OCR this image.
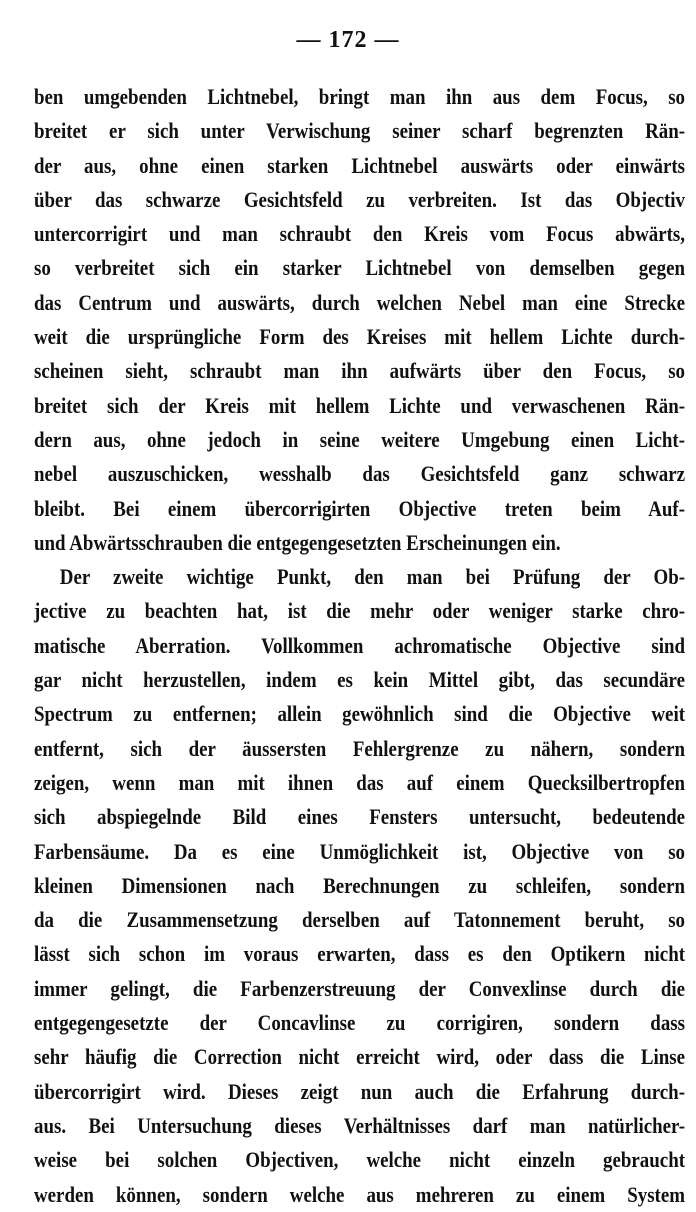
— 172 —
ben umgebenden Lichtnebel, bringt man ihn aus dem Focus, so
breitet er sich unter Verwischung seiner scharf begrenzten Rän-
der aus, ohne einen starken Lichtnebel auswärts oder einwärts
über das schwarze Gesichtsfeld zu verbreiten. Ist das Objectiv
untercorrigirt und man schraubt den Kreis vom Focus abwärts,
so verbreitet sich ein starker Lichtnebel von demselben gegen
das Centrum und auswärts, durch welchen Nebel man eine Strecke
weit die ursprüngliche Form des Kreises mit hellem Lichte durch-
scheinen sieht, schraubt man ihn aufwärts über den Focus, so
breitet sich der Kreis mit hellem Lichte und verwaschenen Rän-
dern aus, ohne jedoch in seine weitere Umgebung einen Licht-
nebel auszuschicken, wesshalb das Gesichtsfeld ganz schwarz
bleibt. Bei einem übercorrigirten Objective treten beim Auf-
und Abwärtsschrauben die entgegengesetzten Erscheinungen ein.
Der zweite wichtige Punkt, den man bei Prüfung der Ob-
jective zu beachten hat, ist die mehr oder weniger starke chro-
matische Aberration. Vollkommen achromatische Objective sind
gar nicht herzustellen, indem es kein Mittel gibt, das secundäre
Spectrum zu entfernen; allein gewöhnlich sind die Objective weit
entfernt, sich der äussersten Fehlergrenze zu nähern, sondern
zeigen, wenn man mit ihnen das auf einem Quecksilbertropfen
sich abspiegelnde Bild eines Fensters untersucht, bedeutende
Farbensäume. Da es eine Unmöglichkeit ist, Objective von so
kleinen Dimensionen nach Berechnungen zu schleifen, sondern
da die Zusammensetzung derselben auf Tatonnement beruht, so
lässt sich schon im voraus erwarten, dass es den Optikern nicht
immer gelingt, die Farbenzerstreuung der Convexlinse durch die
entgegengesetzte der Concavlinse zu corrigiren, sondern dass
sehr häufig die Correction nicht erreicht wird, oder dass die Linse
übercorrigirt wird. Dieses zeigt nun auch die Erfahrung durch-
aus. Bei Untersuchung dieses Verhältnisses darf man natürlicher-
weise bei solchen Objectiven, welche nicht einzeln gebraucht
werden können, sondern welche aus mehreren zu einem System
